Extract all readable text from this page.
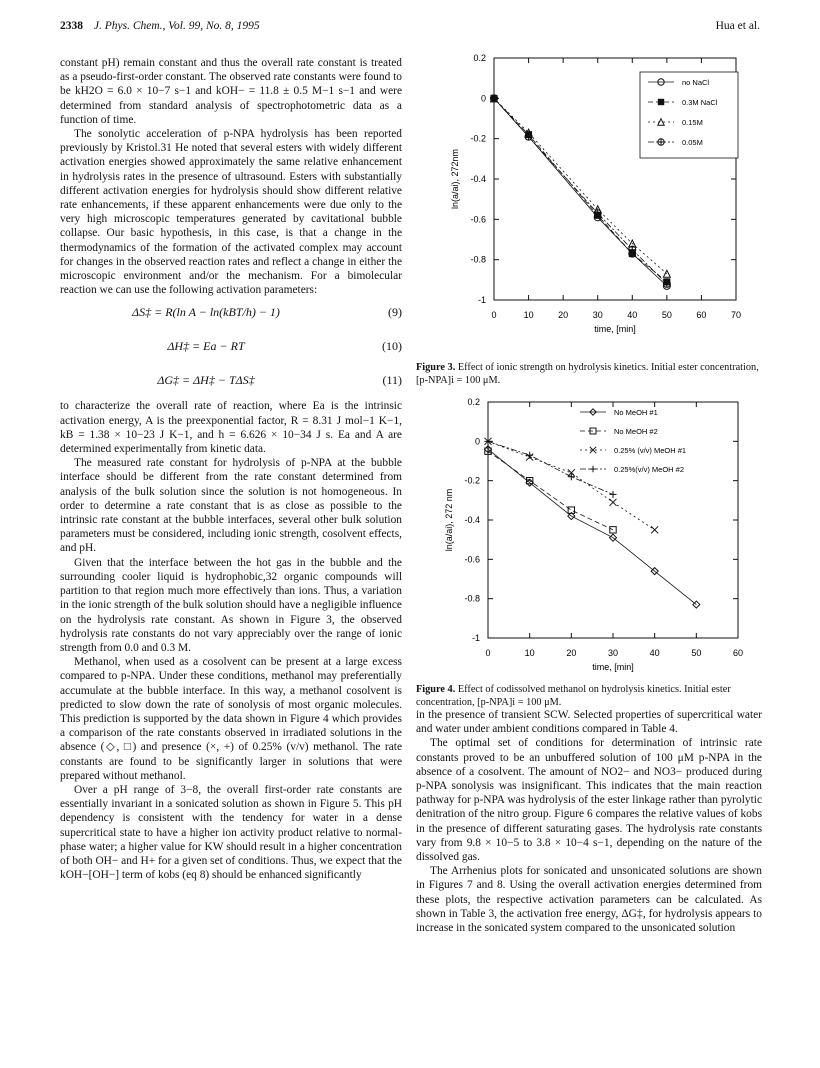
2338 J. Phys. Chem., Vol. 99, No. 8, 1995	Hua et al.

constant pH) remain constant and thus the overall rate constant is treated as a pseudo-first-order constant. The observed rate constants were found to be kH2O = 6.0 × 10−7 s−1 and kOH− = 11.8 ± 0.5 M−1 s−1 and were determined from standard analysis of spectrophotometric data as a function of time.

The sonolytic acceleration of p-NPA hydrolysis has been reported previously by Kristol.31 He noted that several esters with widely different activation energies showed approximately the same relative enhancement in hydrolysis rates in the presence of ultrasound. Esters with substantially different activation energies for hydrolysis should show different relative rate enhancements, if these apparent enhancements were due only to the very high microscopic temperatures generated by cavitational bubble collapse. Our basic hypothesis, in this case, is that a change in the thermodynamics of the formation of the activated complex may account for changes in the observed reaction rates and reflect a change in either the microscopic environment and/or the mechanism. For a bimolecular reaction we can use the following activation parameters:

ΔS‡ = R(ln A − ln(kBT/h) − 1)	(9)
ΔH‡ = Ea − RT	(10)
ΔG‡ = ΔH‡ − TΔS‡	(11)

to characterize the overall rate of reaction, where Ea is the intrinsic activation energy, A is the preexponential factor, R = 8.31 J mol−1 K−1, kB = 1.38 × 10−23 J K−1, and h = 6.626 × 10−34 J s. Ea and A are determined experimentally from kinetic data.

The measured rate constant for hydrolysis of p-NPA at the bubble interface should be different from the rate constant determined from analysis of the bulk solution since the solution is not homogeneous. In order to determine a rate constant that is as close as possible to the intrinsic rate constant at the bubble interfaces, several other bulk solution parameters must be considered, including ionic strength, cosolvent effects, and pH.

Given that the interface between the hot gas in the bubble and the surrounding cooler liquid is hydrophobic,32 organic compounds will partition to that region much more effectively than ions. Thus, a variation in the ionic strength of the bulk solution should have a negligible influence on the hydrolysis rate constant. As shown in Figure 3, the observed hydrolysis rate constants do not vary appreciably over the range of ionic strength from 0.0 and 0.3 M.

Methanol, when used as a cosolvent can be present at a large excess compared to p-NPA. Under these conditions, methanol may preferentially accumulate at the bubble interface. In this way, a methanol cosolvent is predicted to slow down the rate of sonolysis of most organic molecules. This prediction is supported by the data shown in Figure 4 which provides a comparison of the rate constants observed in irradiated solutions in the absence (◇, □) and presence (×, +) of 0.25% (v/v) methanol. The rate constants are found to be significantly larger in solutions that were prepared without methanol.

Over a pH range of 3−8, the overall first-order rate constants are essentially invariant in a sonicated solution as shown in Figure 5. This pH dependency is consistent with the tendency for water in a dense supercritical state to have a higher ion activity product relative to normal-phase water; a higher value for KW should result in a higher concentration of both OH− and H+ for a given set of conditions. Thus, we expect that the kOH−[OH−] term of kobs (eq 8) should be enhanced significantly

0	10	20	30	40	50	60	70
0.2
0
-0.2
-0.4
-0.6
-0.8
-1
time, [min]
ln(a/ai), 272nm
no NaCl
0.3M NaCl
0.15M
0.05M
Figure 3. Effect of ionic strength on hydrolysis kinetics. Initial ester concentration, [p-NPA]i = 100 μM.
0	10	20	30	40	50	60
0.2
0
-0.2
-0.4
-0.6
-0.8
-1
time, [min]
ln(a/ai), 272 nm
No MeOH #1
No MeOH #2
0.25% (v/v) MeOH #1
0.25%(v/v) MeOH #2
Figure 4. Effect of codissolved methanol on hydrolysis kinetics. Initial ester concentration, [p-NPA]i = 100 μM.

in the presence of transient SCW. Selected properties of supercritical water and water under ambient conditions compared in Table 4.

The optimal set of conditions for determination of intrinsic rate constants proved to be an unbuffered solution of 100 μM p-NPA in the absence of a cosolvent. The amount of NO2− and NO3− produced during p-NPA sonolysis was insignificant. This indicates that the main reaction pathway for p-NPA was hydrolysis of the ester linkage rather than pyrolytic denitration of the nitro group. Figure 6 compares the relative values of kobs in the presence of different saturating gases. The hydrolysis rate constants vary from 9.8 × 10−5 to 3.8 × 10−4 s−1, depending on the nature of the dissolved gas.

The Arrhenius plots for sonicated and unsonicated solutions are shown in Figures 7 and 8. Using the overall activation energies determined from these plots, the respective activation parameters can be calculated. As shown in Table 3, the activation free energy, ΔG‡, for hydrolysis appears to increase in the sonicated system compared to the unsonicated solution
